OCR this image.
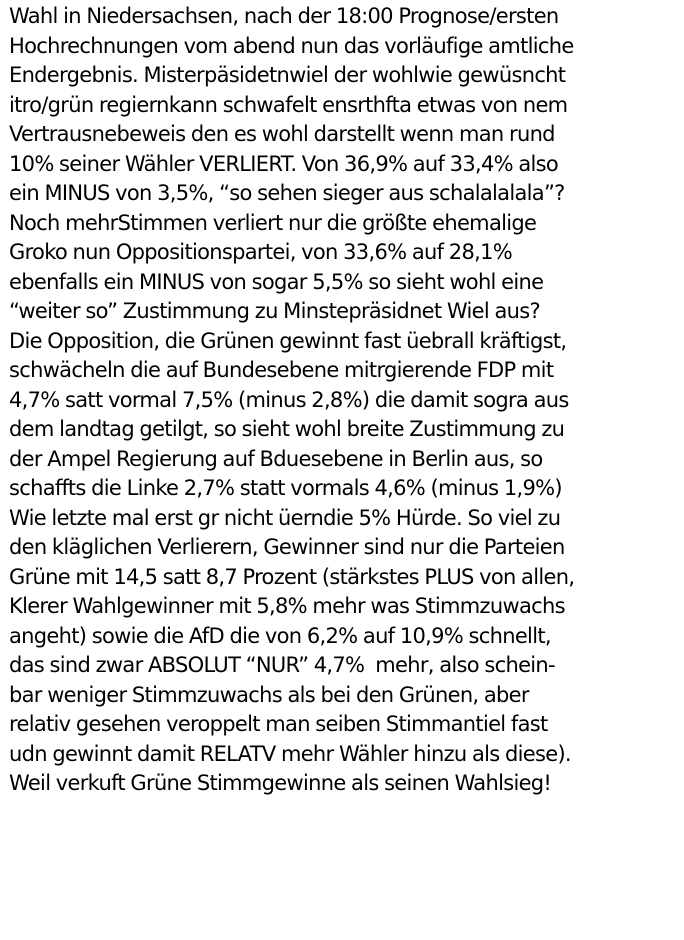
Wahl in Niedersachsen, nach der 18:00 Prognose/ersten
Hochrechnungen vom abend nun das vorläufige amtliche
Endergebnis. Misterpäsidetnwiel der wohlwie gewüsncht
itro/grün regiernkann schwafelt ensrthfta etwas von nem
Vertrausnebeweis den es wohl darstellt wenn man rund
10% seiner Wähler VERLIERT. Von 36,9% auf 33,4% also
ein MINUS von 3,5%, “so sehen sieger aus schalalalala”?
Noch mehrStimmen verliert nur die größte ehemalige
Groko nun Oppositionspartei, von 33,6% auf 28,1%
ebenfalls ein MINUS von sogar 5,5% so sieht wohl eine
“weiter so” Zustimmung zu Minstepräsidnet Wiel aus?
Die Opposition, die Grünen gewinnt fast üebrall kräftigst,
schwächeln die auf Bundesebene mitrgierende FDP mit
4,7% satt vormal 7,5% (minus 2,8%) die damit sogra aus
dem landtag getilgt, so sieht wohl breite Zustimmung zu
der Ampel Regierung auf Bduesebene in Berlin aus, so
schaffts die Linke 2,7% statt vormals 4,6% (minus 1,9%)
Wie letzte mal erst gr nicht üerndie 5% Hürde. So viel zu
den kläglichen Verlierern, Gewinner sind nur die Parteien
Grüne mit 14,5 satt 8,7 Prozent (stärkstes PLUS von allen,
Klerer Wahlgewinner mit 5,8% mehr was Stimmzuwachs
angeht) sowie die AfD die von 6,2% auf 10,9% schnellt,
das sind zwar ABSOLUT “NUR” 4,7%  mehr, also schein-
bar weniger Stimmzuwachs als bei den Grünen, aber
relativ gesehen veroppelt man seiben Stimmantiel fast
udn gewinnt damit RELATV mehr Wähler hinzu als diese).
Weil verkuft Grüne Stimmgewinne als seinen Wahlsieg!
